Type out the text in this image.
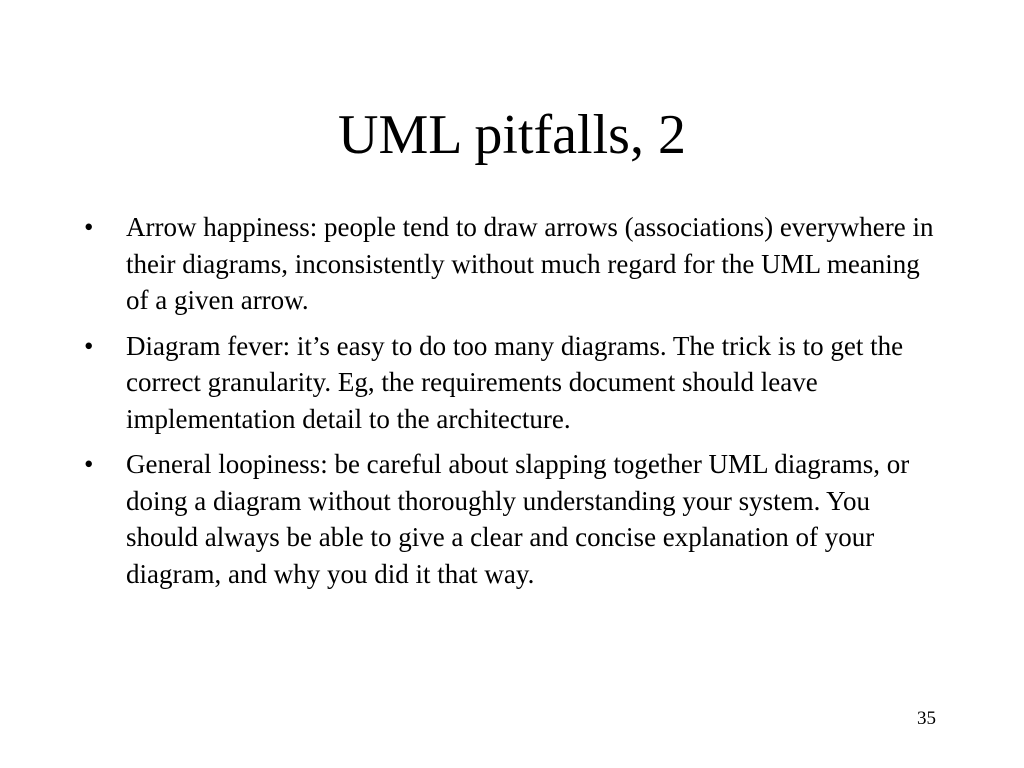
UML pitfalls, 2
•	Arrow happiness: people tend to draw arrows (associations) everywhere in their diagrams, inconsistently without much regard for the UML meaning of a given arrow.
•	Diagram fever: it’s easy to do too many diagrams. The trick is to get the correct granularity. Eg, the requirements document should leave implementation detail to the architecture.
•	General loopiness: be careful about slapping together UML diagrams, or doing a diagram without thoroughly understanding your system. You should always be able to give a clear and concise explanation of your diagram, and why you did it that way.
35
